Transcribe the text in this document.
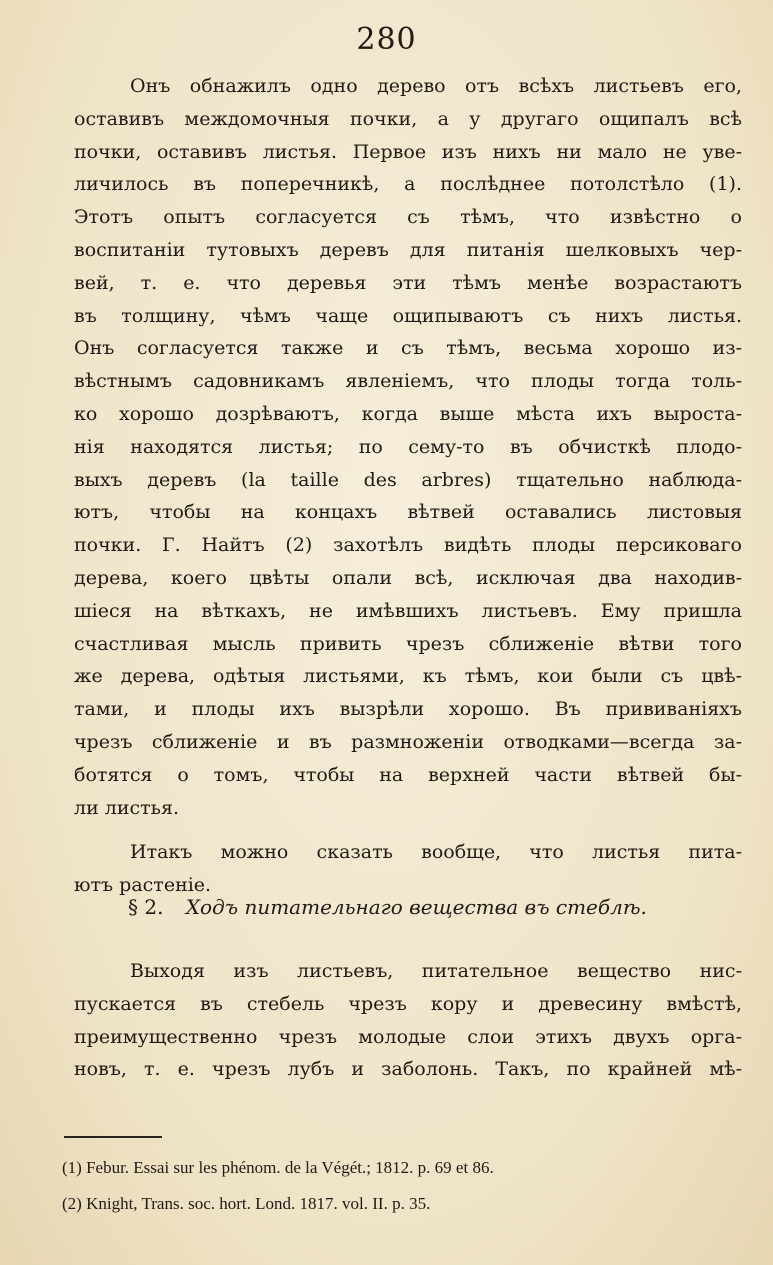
280
Онъ обнажилъ одно дерево отъ всѣхъ листьевъ его,
оставивъ междомочныя почки, а у другаго ощипалъ всѣ
почки, оставивъ листья. Первое изъ нихъ ни мало не уве-
личилось въ поперечникѣ, а послѣднее потолстѣло (1).
Этотъ опытъ согласуется съ тѣмъ, что извѣстно о
воспитаніи тутовыхъ деревъ для питанія шелковыхъ чер-
вей, т. е. что деревья эти тѣмъ менѣе возрастаютъ
въ толщину, чѣмъ чаще ощипываютъ съ нихъ листья.
Онъ согласуется также и съ тѣмъ, весьма хорошо из-
вѣстнымъ садовникамъ явленіемъ, что плоды тогда толь-
ко хорошо дозрѣваютъ, когда выше мѣста ихъ выроста-
нія находятся листья; по сему-то въ обчисткѣ плодо-
выхъ деревъ (la taille des arbres) тщательно наблюда-
ютъ, чтобы на концахъ вѣтвей оставались листовыя
почки. Г. Найтъ (2) захотѣлъ видѣть плоды персиковаго
дерева, коего цвѣты опали всѣ, исключая два находив-
шіеся на вѣткахъ, не имѣвшихъ листьевъ. Ему пришла
счастливая мысль привить чрезъ сближеніе вѣтви того
же дерева, одѣтыя листьями, къ тѣмъ, кои были съ цвѣ-
тами, и плоды ихъ вызрѣли хорошо. Въ прививаніяхъ
чрезъ сближеніе и въ размноженіи отводками—всегда за-
ботятся о томъ, чтобы на верхней части вѣтвей бы-
ли листья.
Итакъ можно сказать вообще, что листья пита-
ютъ растеніе.
§ 2. Ходъ питательнаго вещества въ стеблѣ.
Выходя изъ листьевъ, питательное вещество нис-
пускается въ стебель чрезъ кору и древесину вмѣстѣ,
преимущественно чрезъ молодые слои этихъ двухъ орга-
новъ, т. е. чрезъ лубъ и заболонь. Такъ, по крайней мѣ-
(1) Febur. Essai sur les phénom. de la Végét.; 1812. p. 69 et 86.
(2) Knight, Trans. soc. hort. Lond. 1817. vol. II. p. 35.
